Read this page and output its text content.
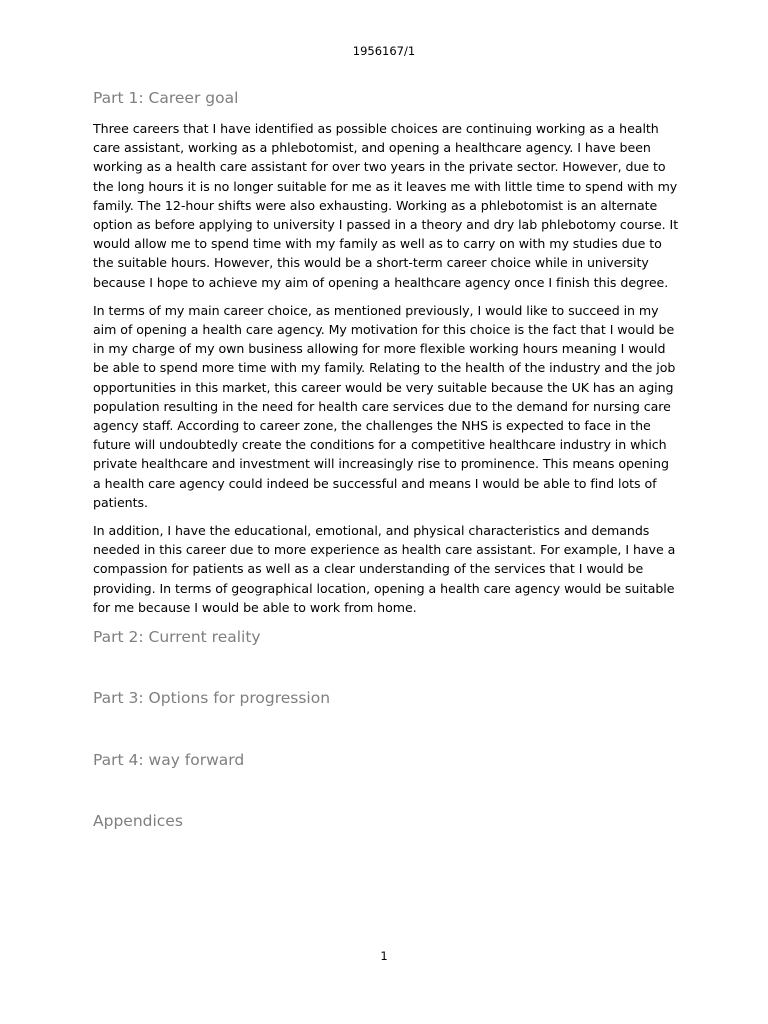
1956167/1
Part 1: Career goal

Three careers that I have identified as possible choices are continuing working as a health care assistant, working as a phlebotomist, and opening a healthcare agency. I have been working as a health care assistant for over two years in the private sector. However, due to the long hours it is no longer suitable for me as it leaves me with little time to spend with my family. The 12-hour shifts were also exhausting. Working as a phlebotomist is an alternate option as before applying to university I passed in a theory and dry lab phlebotomy course. It would allow me to spend time with my family as well as to carry on with my studies due to the suitable hours. However, this would be a short-term career choice while in university because I hope to achieve my aim of opening a healthcare agency once I finish this degree.

In terms of my main career choice, as mentioned previously, I would like to succeed in my aim of opening a health care agency. My motivation for this choice is the fact that I would be in my charge of my own business allowing for more flexible working hours meaning I would be able to spend more time with my family. Relating to the health of the industry and the job opportunities in this market, this career would be very suitable because the UK has an aging population resulting in the need for health care services due to the demand for nursing care agency staff. According to career zone, the challenges the NHS is expected to face in the future will undoubtedly create the conditions for a competitive healthcare industry in which private healthcare and investment will increasingly rise to prominence. This means opening a health care agency could indeed be successful and means I would be able to find lots of patients.

In addition, I have the educational, emotional, and physical characteristics and demands needed in this career due to more experience as health care assistant. For example, I have a compassion for patients as well as a clear understanding of the services that I would be providing. In terms of geographical location, opening a health care agency would be suitable for me because I would be able to work from home.

Part 2: Current reality
Part 3: Options for progression
Part 4: way forward
Appendices
1
